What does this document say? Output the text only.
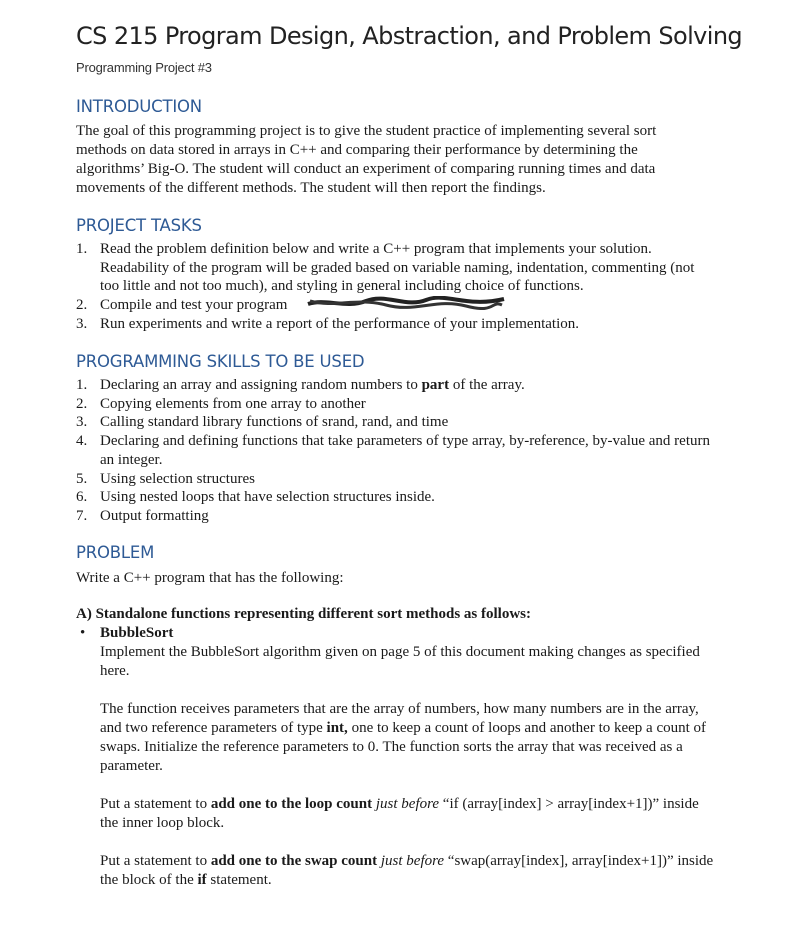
CS 215 Program Design, Abstraction, and Problem Solving
Programming Project #3
INTRODUCTION
The goal of this programming project is to give the student practice of implementing several sort methods on data stored in arrays in C++ and comparing their performance by determining the algorithms’ Big-O. The student will conduct an experiment of comparing running times and data movements of the different methods. The student will then report the findings.
PROJECT TASKS
1. Read the problem definition below and write a C++ program that implements your solution. Readability of the program will be graded based on variable naming, indentation, commenting (not too little and not too much), and styling in general including choice of functions.
2. Compile and test your program
3. Run experiments and write a report of the performance of your implementation.
PROGRAMMING SKILLS TO BE USED
1. Declaring an array and assigning random numbers to part of the array.
2. Copying elements from one array to another
3. Calling standard library functions of srand, rand, and time
4. Declaring and defining functions that take parameters of type array, by-reference, by-value and return an integer.
5. Using selection structures
6. Using nested loops that have selection structures inside.
7. Output formatting
PROBLEM
Write a C++ program that has the following:
A) Standalone functions representing different sort methods as follows:
• BubbleSort
Implement the BubbleSort algorithm given on page 5 of this document making changes as specified here.
The function receives parameters that are the array of numbers, how many numbers are in the array, and two reference parameters of type int, one to keep a count of loops and another to keep a count of swaps. Initialize the reference parameters to 0. The function sorts the array that was received as a parameter.
Put a statement to add one to the loop count just before “if (array[index] > array[index+1])” inside the inner loop block.
Put a statement to add one to the swap count just before “swap(array[index], array[index+1])” inside the block of the if statement.
